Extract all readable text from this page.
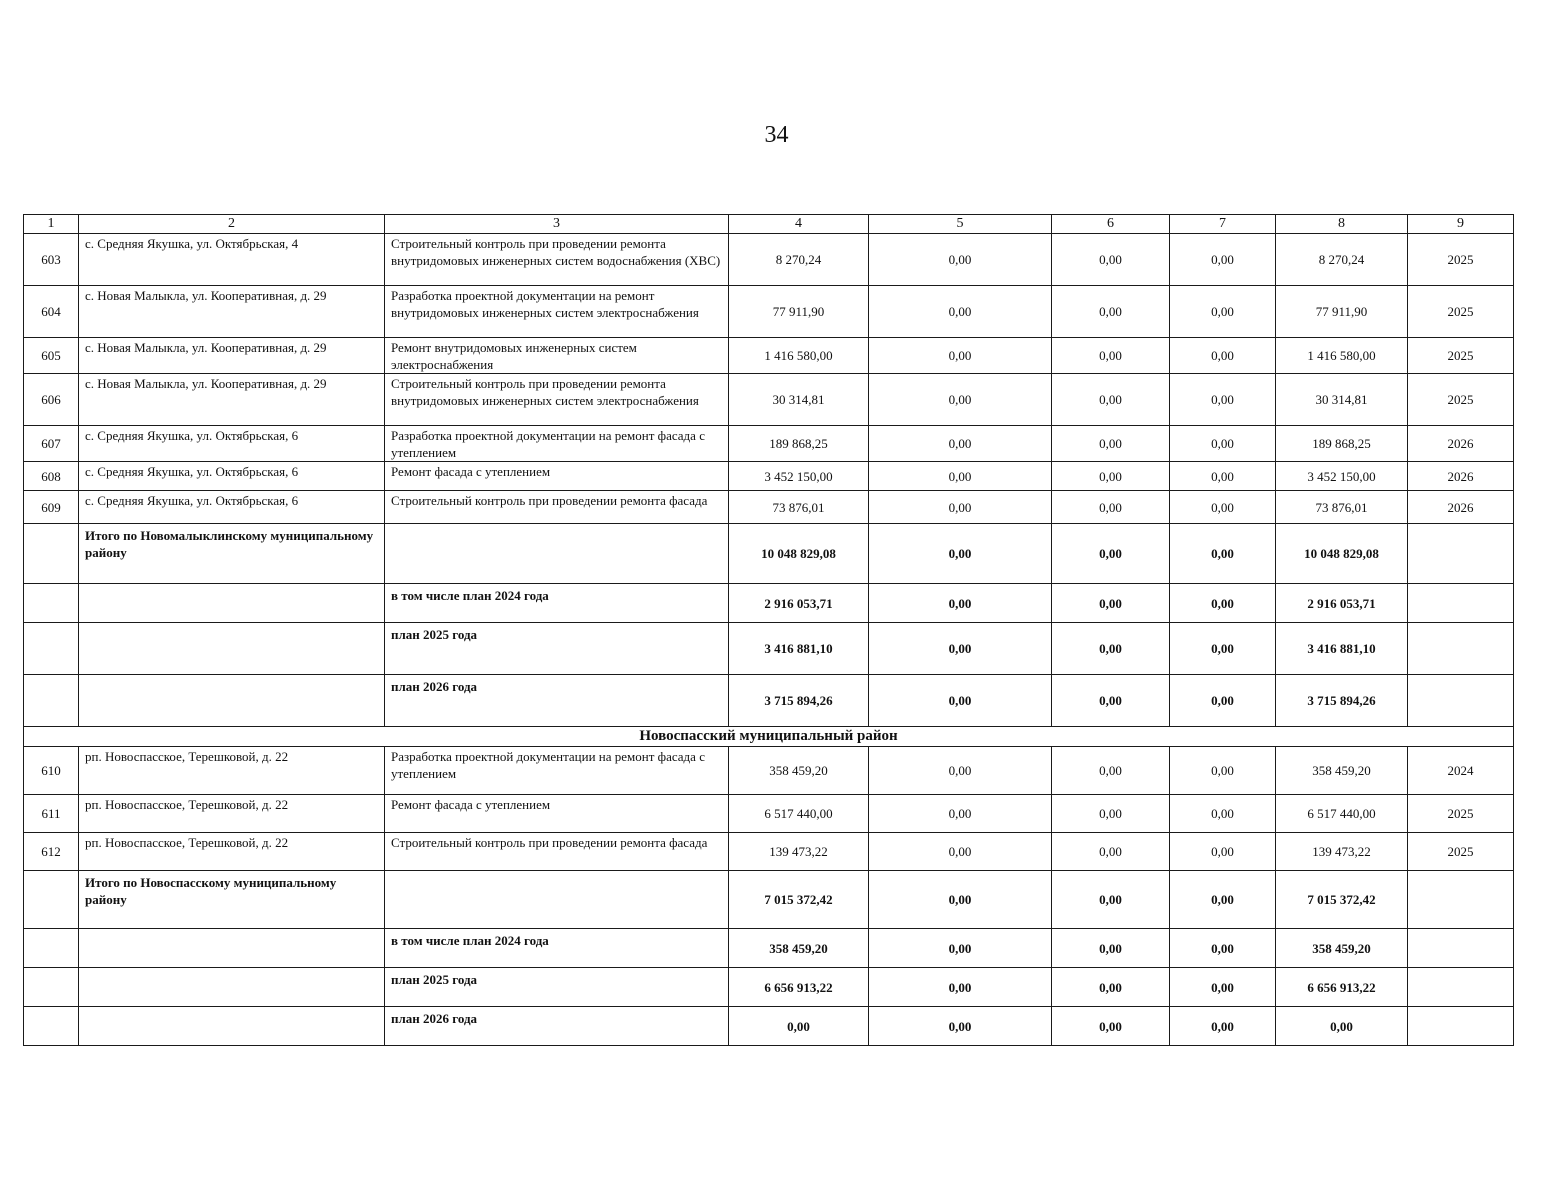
34
1	2	3	4	5	6	7	8	9
603	с. Средняя Якушка, ул. Октябрьская, 4	Строительный контроль при проведении ремонта внутридомовых инженерных систем водоснабжения (ХВС)	8 270,24	0,00	0,00	0,00	8 270,24	2025
604	с. Новая Малыкла, ул. Кооперативная, д. 29	Разработка проектной документации на ремонт внутридомовых инженерных систем электроснабжения	77 911,90	0,00	0,00	0,00	77 911,90	2025
605	с. Новая Малыкла, ул. Кооперативная, д. 29	Ремонт внутридомовых инженерных систем электроснабжения	1 416 580,00	0,00	0,00	0,00	1 416 580,00	2025
606	с. Новая Малыкла, ул. Кооперативная, д. 29	Строительный контроль при проведении ремонта внутридомовых инженерных систем электроснабжения	30 314,81	0,00	0,00	0,00	30 314,81	2025
607	с. Средняя Якушка, ул. Октябрьская, 6	Разработка проектной документации на ремонт фасада с утеплением	189 868,25	0,00	0,00	0,00	189 868,25	2026
608	с. Средняя Якушка, ул. Октябрьская, 6	Ремонт фасада с утеплением	3 452 150,00	0,00	0,00	0,00	3 452 150,00	2026
609	с. Средняя Якушка, ул. Октябрьская, 6	Строительный контроль при проведении ремонта фасада	73 876,01	0,00	0,00	0,00	73 876,01	2026
	Итого по Новомалыклинскому муниципальному району		10 048 829,08	0,00	0,00	0,00	10 048 829,08	
		в том числе план 2024 года	2 916 053,71	0,00	0,00	0,00	2 916 053,71	
		план 2025 года	3 416 881,10	0,00	0,00	0,00	3 416 881,10	
		план 2026 года	3 715 894,26	0,00	0,00	0,00	3 715 894,26	
Новоспасский муниципальный район								
610	рп. Новоспасское, Терешковой, д. 22	Разработка проектной документации на ремонт фасада с утеплением	358 459,20	0,00	0,00	0,00	358 459,20	2024
611	рп. Новоспасское, Терешковой, д. 22	Ремонт фасада с утеплением	6 517 440,00	0,00	0,00	0,00	6 517 440,00	2025
612	рп. Новоспасское, Терешковой, д. 22	Строительный контроль при проведении ремонта фасада	139 473,22	0,00	0,00	0,00	139 473,22	2025
	Итого по Новоспасскому муниципальному району		7 015 372,42	0,00	0,00	0,00	7 015 372,42	
		в том числе план 2024 года	358 459,20	0,00	0,00	0,00	358 459,20	
		план 2025 года	6 656 913,22	0,00	0,00	0,00	6 656 913,22	
		план 2026 года	0,00	0,00	0,00	0,00	0,00	
